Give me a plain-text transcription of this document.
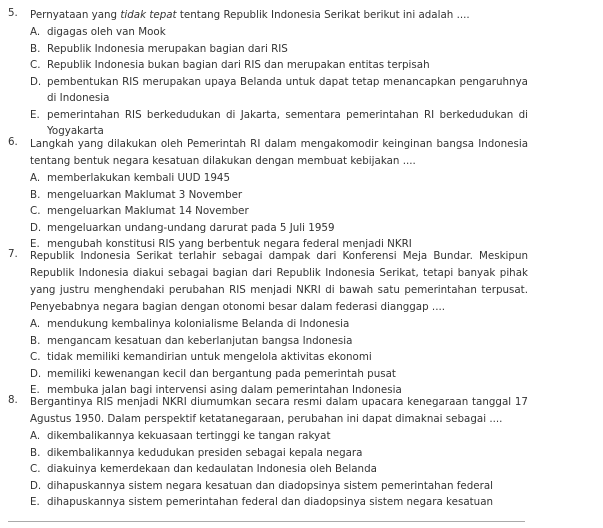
5.	Pernyataan yang tidak tepat tentang Republik Indonesia Serikat berikut ini adalah ....
A. digagas oleh van Mook
B. Republik Indonesia merupakan bagian dari RIS
C. Republik Indonesia bukan bagian dari RIS dan merupakan entitas terpisah
D. pembentukan RIS merupakan upaya Belanda untuk dapat tetap menancapkan pengaruhnya di Indonesia
E. pemerintahan RIS berkedudukan di Jakarta, sementara pemerintahan RI berkedudukan di Yogyakarta
6.	Langkah yang dilakukan oleh Pemerintah RI dalam mengakomodir keinginan bangsa Indonesia tentang bentuk negara kesatuan dilakukan dengan membuat kebijakan ....
A. memberlakukan kembali UUD 1945
B. mengeluarkan Maklumat 3 November
C. mengeluarkan Maklumat 14 November
D. mengeluarkan undang-undang darurat pada 5 Juli 1959
E. mengubah konstitusi RIS yang berbentuk negara federal menjadi NKRI
7.	Republik Indonesia Serikat terlahir sebagai dampak dari Konferensi Meja Bundar. Meskipun Republik Indonesia diakui sebagai bagian dari Republik Indonesia Serikat, tetapi banyak pihak yang justru menghendaki perubahan RIS menjadi NKRI di bawah satu pemerintahan terpusat. Penyebabnya negara bagian dengan otonomi besar dalam federasi dianggap ....
A. mendukung kembalinya kolonialisme Belanda di Indonesia
B. mengancam kesatuan dan keberlanjutan bangsa Indonesia
C. tidak memiliki kemandirian untuk mengelola aktivitas ekonomi
D. memiliki kewenangan kecil dan bergantung pada pemerintah pusat
E. membuka jalan bagi intervensi asing dalam pemerintahan Indonesia
8.	Bergantinya RIS menjadi NKRI diumumkan secara resmi dalam upacara kenegaraan tanggal 17 Agustus 1950. Dalam perspektif ketatanegaraan, perubahan ini dapat dimaknai sebagai ....
A. dikembalikannya kekuasaan tertinggi ke tangan rakyat
B. dikembalikannya kedudukan presiden sebagai kepala negara
C. diakuinya kemerdekaan dan kedaulatan Indonesia oleh Belanda
D. dihapuskannya sistem negara kesatuan dan diadopsinya sistem pemerintahan federal
E. dihapuskannya sistem pemerintahan federal dan diadopsinya sistem negara kesatuan
